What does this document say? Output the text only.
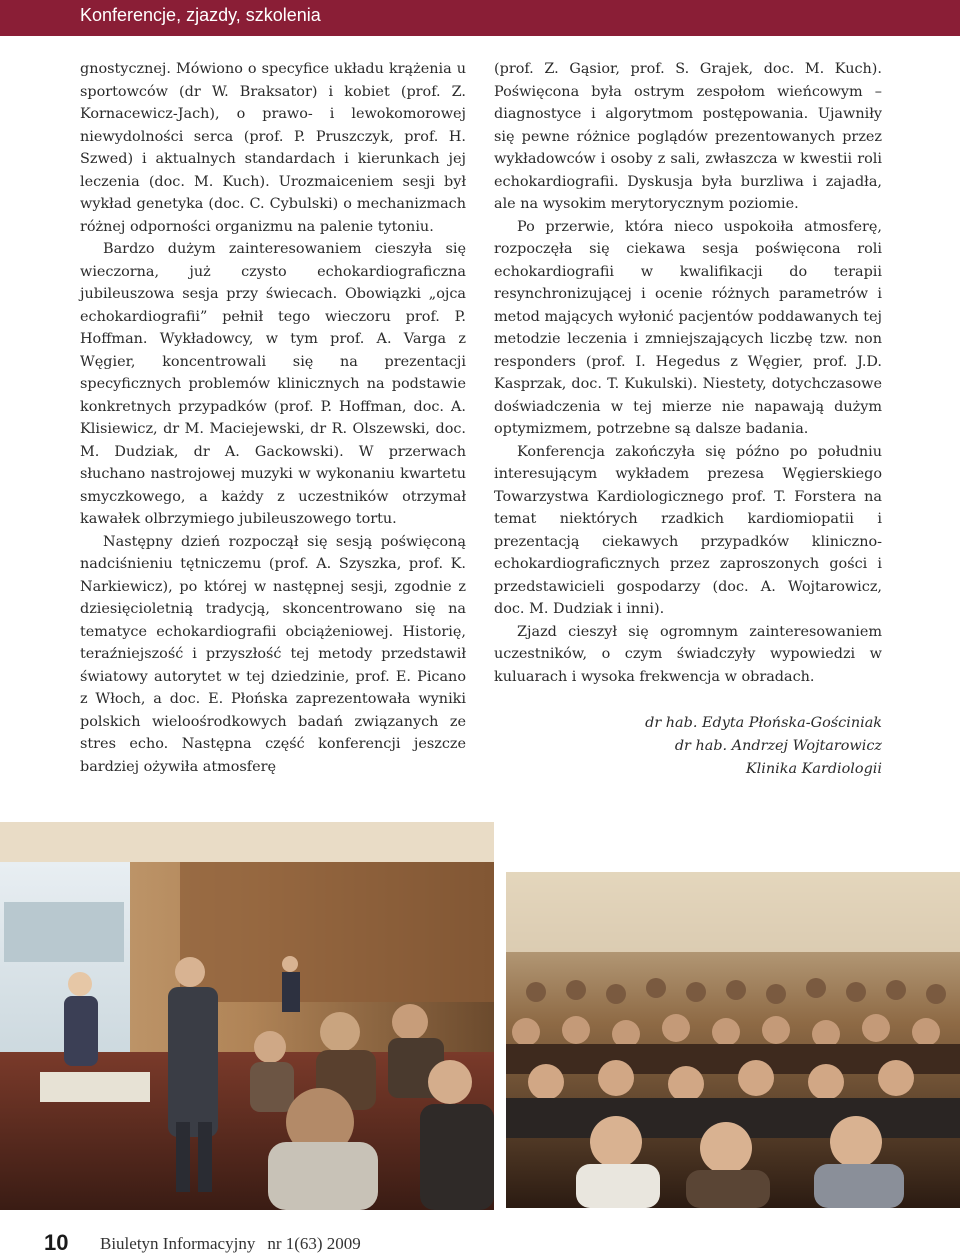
Konferencje, zjazdy, szkolenia

gnostycznej. Mówiono o specyfice układu krążenia u sportowców (dr W. Braksator) i kobiet (prof. Z. Kornacewicz-Jach), o prawo- i lewokomorowej niewydolności serca (prof. P. Pruszczyk, prof. H. Szwed) i aktualnych standardach i kierunkach jej leczenia (doc. M. Kuch). Urozmaiceniem sesji był wykład genetyka (doc. C. Cybulski) o mechanizmach różnej odporności organizmu na palenie tytoniu.

Bardzo dużym zainteresowaniem cieszyła się wieczorna, już czysto echokardiograficzna jubileuszowa sesja przy świecach. Obowiązki „ojca echokardiografii” pełnił tego wieczoru prof. P. Hoffman. Wykładowcy, w tym prof. A. Varga z Węgier, koncentrowali się na prezentacji specyficznych problemów klinicznych na podstawie konkretnych przypadków (prof. P. Hoffman, doc. A. Klisiewicz, dr M. Maciejewski, dr R. Olszewski, doc. M. Dudziak, dr A. Gackowski). W przerwach słuchano nastrojowej muzyki w wykonaniu kwartetu smyczkowego, a każdy z uczestników otrzymał kawałek olbrzymiego jubileuszowego tortu.

Następny dzień rozpoczął się sesją poświęconą nadciśnieniu tętniczemu (prof. A. Szyszka, prof. K. Narkiewicz), po której w następnej sesji, zgodnie z dziesięcioletnią tradycją, skoncentrowano się na tematyce echokardiografii obciążeniowej. Historię, teraźniejszość i przyszłość tej metody przedstawił światowy autorytet w tej dziedzinie, prof. E. Picano z Włoch, a doc. E. Płońska zaprezentowała wyniki polskich wieloośrodkowych badań związanych ze stres echo. Następna część konferencji jeszcze bardziej ożywiła atmosferę

(prof. Z. Gąsior, prof. S. Grajek, doc. M. Kuch). Poświęcona była ostrym zespołom wieńcowym – diagnostyce i algorytmom postępowania. Ujawniły się pewne różnice poglądów prezentowanych przez wykładowców i osoby z sali, zwłaszcza w kwestii roli echokardiografii. Dyskusja była burzliwa i zajadła, ale na wysokim merytorycznym poziomie.

Po przerwie, która nieco uspokoiła atmosferę, rozpoczęła się ciekawa sesja poświęcona roli echokardiografii w kwalifikacji do terapii resynchronizującej i ocenie różnych parametrów i metod mających wyłonić pacjentów poddawanych tej metodzie leczenia i zmniejszających liczbę tzw. non responders (prof. I. Hegedus z Węgier, prof. J.D. Kasprzak, doc. T. Kukulski). Niestety, dotychczasowe doświadczenia w tej mierze nie napawają dużym optymizmem, potrzebne są dalsze badania.

Konferencja zakończyła się późno po południu interesującym wykładem prezesa Węgierskiego Towarzystwa Kardiologicznego prof. T. Forstera na temat niektórych rzadkich kardiomiopatii i prezentacją ciekawych przypadków kliniczno-echokardiograficznych przez zaproszonych gości i przedstawicieli gospodarzy (doc. A. Wojtarowicz, doc. M. Dudziak i inni).

Zjazd cieszył się ogromnym zainteresowaniem uczestników, o czym świadczyły wypowiedzi w kuluarach i wysoka frekwencja w obradach.

dr hab. Edyta Płońska-Gościniak
dr hab. Andrzej Wojtarowicz
Klinika Kardiologii
10 Biuletyn Informacyjny nr 1(63) 2009
